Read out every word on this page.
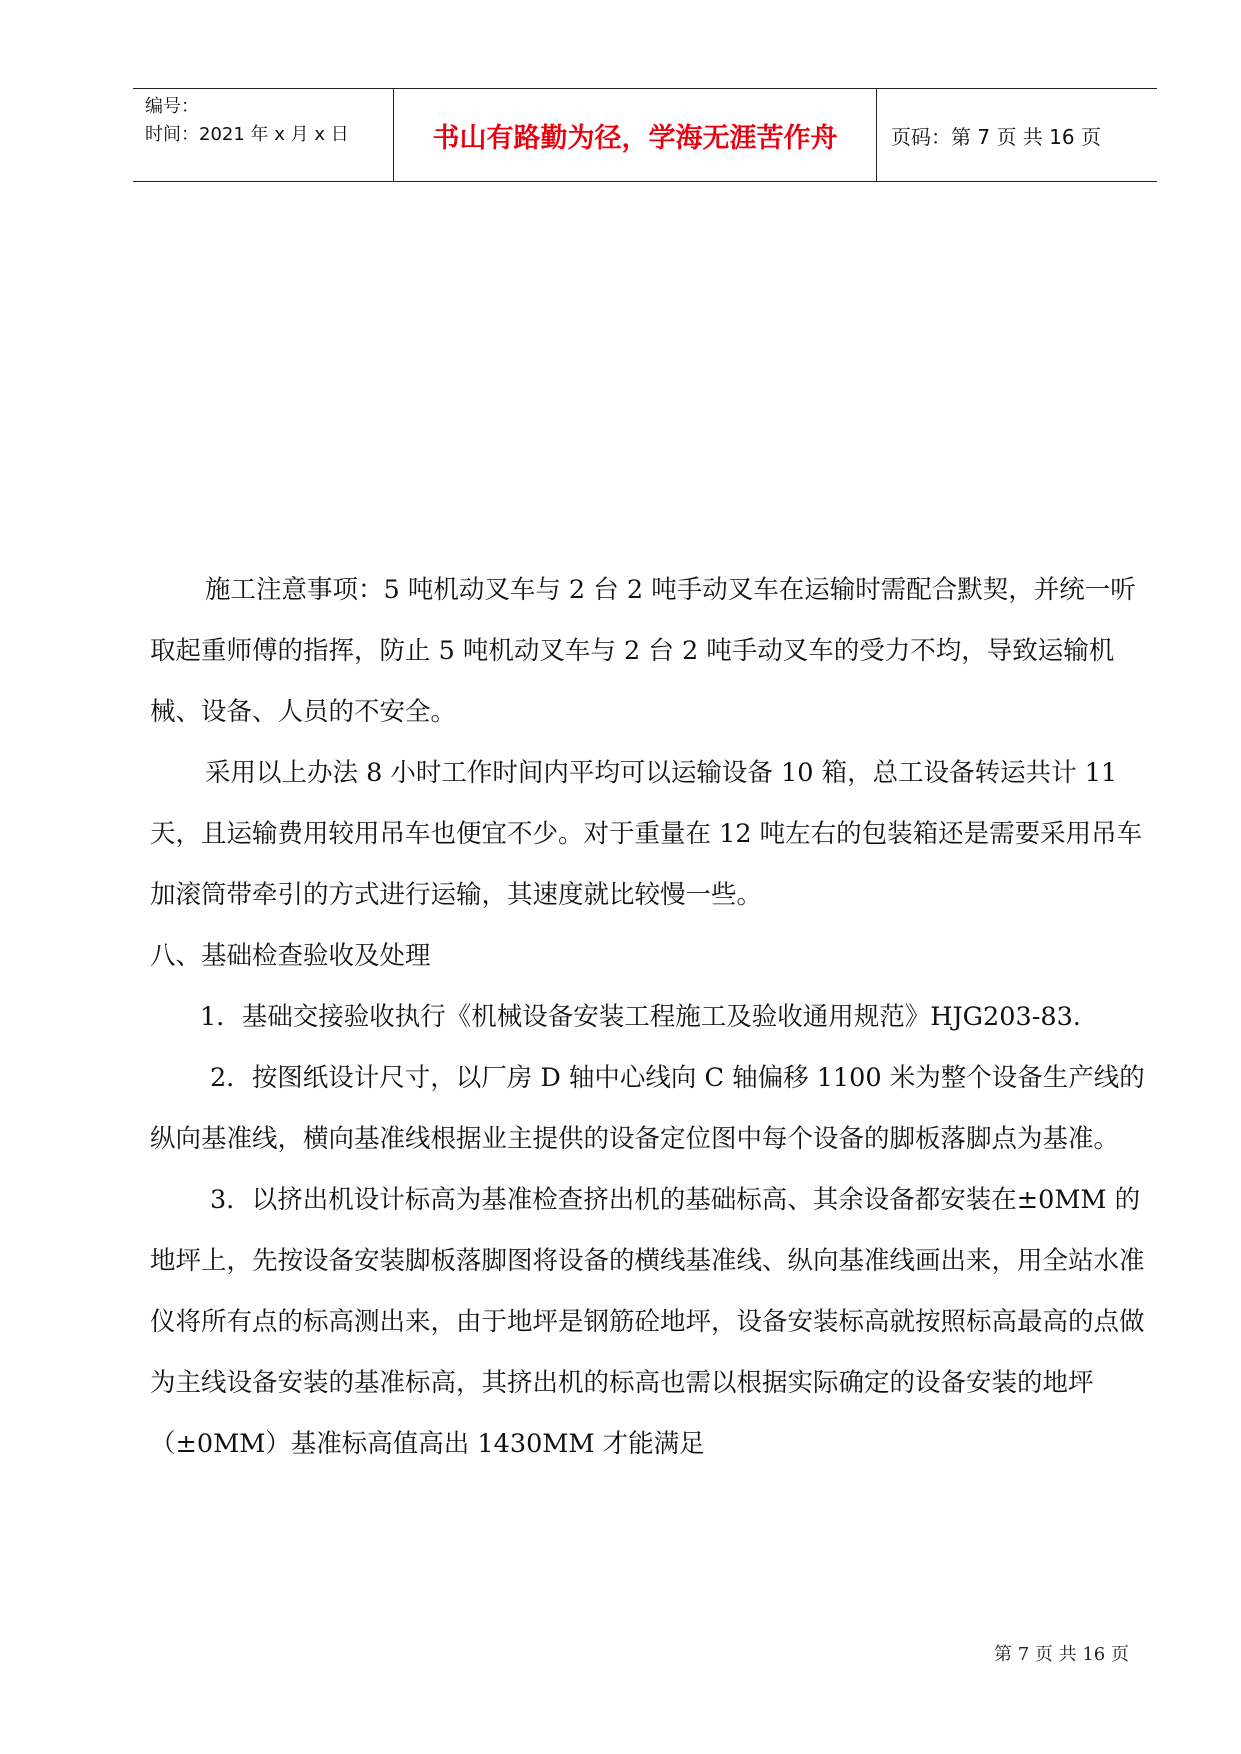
编号：
时间：2021 年 x 月 x 日	书山有路勤为径，学海无涯苦作舟	页码：第 7 页 共 16 页

施工注意事项：5 吨机动叉车与 2 台 2 吨手动叉车在运输时需配合默契，并统一听取起重师傅的指挥，防止 5 吨机动叉车与 2 台 2 吨手动叉车的受力不均，导致运输机械、设备、人员的不安全。

采用以上办法 8 小时工作时间内平均可以运输设备 10 箱，总工设备转运共计 11 天，且运输费用较用吊车也便宜不少。对于重量在 12 吨左右的包装箱还是需要采用吊车加滚筒带牵引的方式进行运输，其速度就比较慢一些。

八、基础检查验收及处理

1．基础交接验收执行《机械设备安装工程施工及验收通用规范》HJG203-83.

2．按图纸设计尺寸，以厂房 D 轴中心线向 C 轴偏移 1100 米为整个设备生产线的纵向基准线，横向基准线根据业主提供的设备定位图中每个设备的脚板落脚点为基准。

3．以挤出机设计标高为基准检查挤出机的基础标高、其余设备都安装在±0MM 的地坪上，先按设备安装脚板落脚图将设备的横线基准线、纵向基准线画出来，用全站水准仪将所有点的标高测出来，由于地坪是钢筋砼地坪，设备安装标高就按照标高最高的点做为主线设备安装的基准标高，其挤出机的标高也需以根据实际确定的设备安装的地坪（±0MM）基准标高值高出 1430MM 才能满足

第 7 页 共 16 页
